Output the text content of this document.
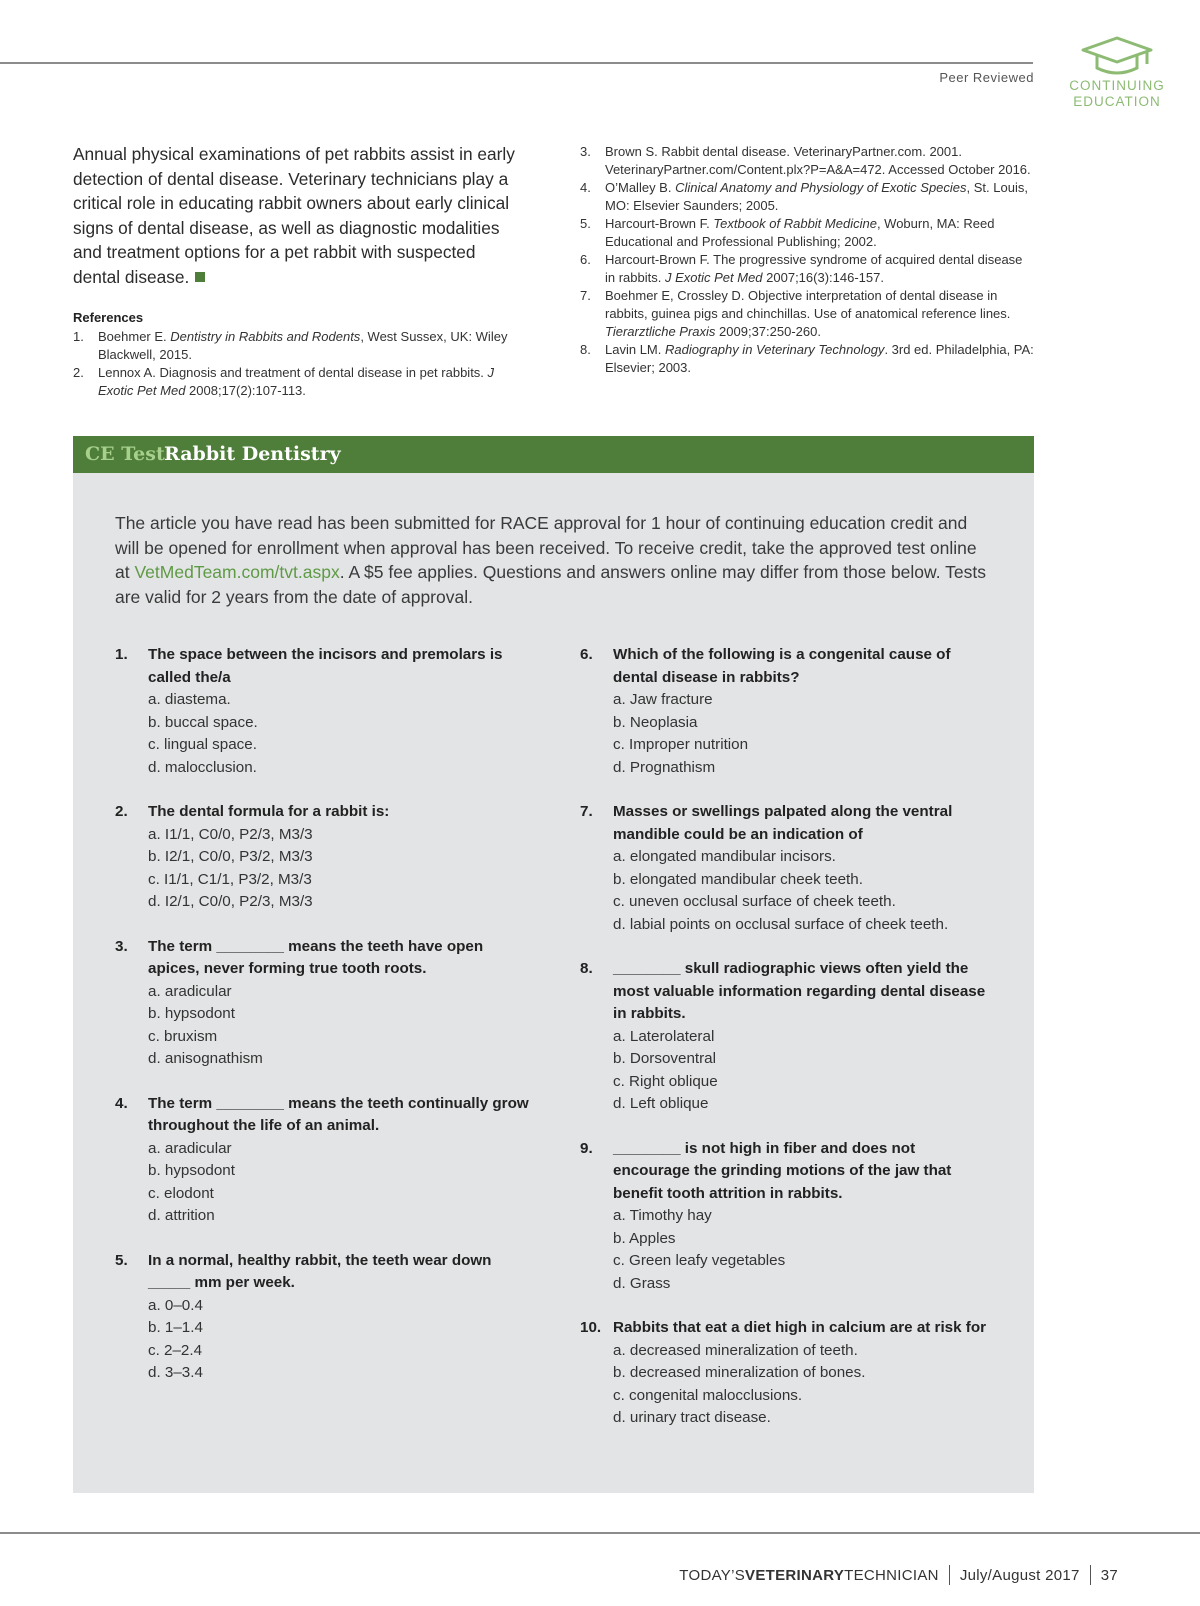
Peer Reviewed
CONTINUING
EDUCATION
Annual physical examinations of pet rabbits assist in early detection of dental disease. Veterinary technicians play a critical role in educating rabbit owners about early clinical signs of dental disease, as well as diagnostic modalities and treatment options for a pet rabbit with suspected dental disease.
References

1. Boehmer E. Dentistry in Rabbits and Rodents, West Sussex, UK: Wiley Blackwell, 2015.

2. Lennox A. Diagnosis and treatment of dental disease in pet rabbits. J Exotic Pet Med 2008;17(2):107-113.

3. Brown S. Rabbit dental disease. VeterinaryPartner.com. 2001. VeterinaryPartner.com/Content.plx?P=A&A=472. Accessed October 2016.

4. O’Malley B. Clinical Anatomy and Physiology of Exotic Species, St. Louis, MO: Elsevier Saunders; 2005.

5. Harcourt-Brown F. Textbook of Rabbit Medicine, Woburn, MA: Reed Educational and Professional Publishing; 2002.

6. Harcourt-Brown F. The progressive syndrome of acquired dental disease in rabbits. J Exotic Pet Med 2007;16(3):146-157.

7. Boehmer E, Crossley D. Objective interpretation of dental disease in rabbits, guinea pigs and chinchillas. Use of anatomical reference lines. Tierarztliche Praxis 2009;37:250-260.

8. Lavin LM. Radiography in Veterinary Technology. 3rd ed. Philadelphia, PA: Elsevier; 2003.

CE Test Rabbit Dentistry
The article you have read has been submitted for RACE approval for 1 hour of continuing education credit and will be opened for enrollment when approval has been received. To receive credit, take the approved test online at VetMedTeam.com/tvt.aspx. A $5 fee applies. Questions and answers online may differ from those below. Tests are valid for 2 years from the date of approval.
1. The space between the incisors and premolars is called the/a
a. diastema.
b. buccal space.
c. lingual space.
d. malocclusion.
2. The dental formula for a rabbit is:
a. I1/1, C0/0, P2/3, M3/3
b. I2/1, C0/0, P3/2, M3/3
c. I1/1, C1/1, P3/2, M3/3
d. I2/1, C0/0, P2/3, M3/3
3. The term ________ means the teeth have open apices, never forming true tooth roots.
a. aradicular
b. hypsodont
c. bruxism
d. anisognathism
4. The term ________ means the teeth continually grow throughout the life of an animal.
a. aradicular
b. hypsodont
c. elodont
d. attrition
5. In a normal, healthy rabbit, the teeth wear down _____ mm per week.
a. 0–0.4
b. 1–1.4
c. 2–2.4
d. 3–3.4
6. Which of the following is a congenital cause of dental disease in rabbits?
a. Jaw fracture
b. Neoplasia
c. Improper nutrition
d. Prognathism
7. Masses or swellings palpated along the ventral mandible could be an indication of
a. elongated mandibular incisors.
b. elongated mandibular cheek teeth.
c. uneven occlusal surface of cheek teeth.
d. labial points on occlusal surface of cheek teeth.
8. ________ skull radiographic views often yield the most valuable information regarding dental disease in rabbits.
a. Laterolateral
b. Dorsoventral
c. Right oblique
d. Left oblique
9. ________ is not high in fiber and does not encourage the grinding motions of the jaw that benefit tooth attrition in rabbits.
a. Timothy hay
b. Apples
c. Green leafy vegetables
d. Grass
10. Rabbits that eat a diet high in calcium are at risk for
a. decreased mineralization of teeth.
b. decreased mineralization of bones.
c. congenital malocclusions.
d. urinary tract disease.
TODAY’SVETERINARYTECHNICIAN July/August 2017 37
